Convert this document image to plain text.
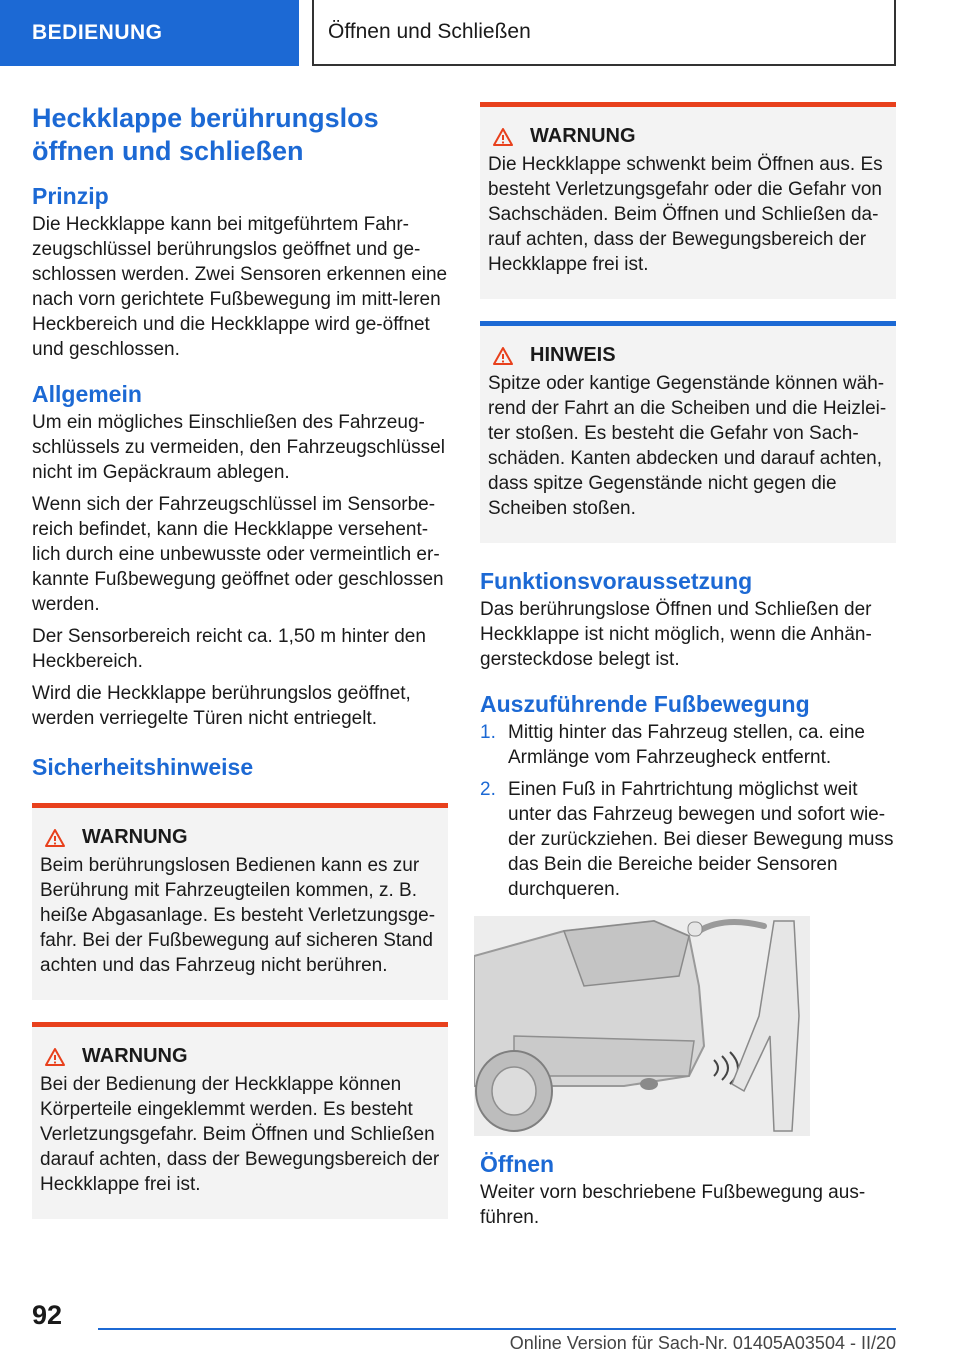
BEDIENUNG	Öffnen und Schließen
Heckklappe berührungslos öffnen und schließen
Prinzip

Die Heckklappe kann bei mitgeführtem Fahr-zeugschlüssel berührungslos geöffnet und ge-schlossen werden. Zwei Sensoren erkennen eine nach vorn gerichtete Fußbewegung im mitt-leren Heckbereich und die Heckklappe wird ge-öffnet und geschlossen.

Allgemein

Um ein mögliches Einschließen des Fahrzeug-schlüssels zu vermeiden, den Fahrzeugschlüssel nicht im Gepäckraum ablegen.

Wenn sich der Fahrzeugschlüssel im Sensorbe-reich befindet, kann die Heckklappe versehent-lich durch eine unbewusste oder vermeintlich er-kannte Fußbewegung geöffnet oder geschlossen werden.

Der Sensorbereich reicht ca. 1,50 m hinter den Heckbereich.

Wird die Heckklappe berührungslos geöffnet, werden verriegelte Türen nicht entriegelt.

Sicherheitshinweise
WARNUNG

Beim berührungslosen Bedienen kann es zur Berührung mit Fahrzeugteilen kommen, z. B. heiße Abgasanlage. Es besteht Verletzungsge-fahr. Bei der Fußbewegung auf sicheren Stand achten und das Fahrzeug nicht berühren.

WARNUNG

Bei der Bedienung der Heckklappe können Körperteile eingeklemmt werden. Es besteht Verletzungsgefahr. Beim Öffnen und Schließen darauf achten, dass der Bewegungsbereich der Heckklappe frei ist.

WARNUNG

Die Heckklappe schwenkt beim Öffnen aus. Es besteht Verletzungsgefahr oder die Gefahr von Sachschäden. Beim Öffnen und Schließen da-rauf achten, dass der Bewegungsbereich der Heckklappe frei ist.

HINWEIS

Spitze oder kantige Gegenstände können wäh-rend der Fahrt an die Scheiben und die Heizlei-ter stoßen. Es besteht die Gefahr von Sach-schäden. Kanten abdecken und darauf achten, dass spitze Gegenstände nicht gegen die Scheiben stoßen.

Funktionsvoraussetzung

Das berührungslose Öffnen und Schließen der Heckklappe ist nicht möglich, wenn die Anhän-gersteckdose belegt ist.

Auszuführende Fußbewegung
1. Mittig hinter das Fahrzeug stellen, ca. eine Armlänge vom Fahrzeugheck entfernt.
2. Einen Fuß in Fahrtrichtung möglichst weit unter das Fahrzeug bewegen und sofort wie-der zurückziehen. Bei dieser Bewegung muss das Bein die Bereiche beider Sensoren durchqueren.
Öffnen

Weiter vorn beschriebene Fußbewegung aus-führen.

92
Online Version für Sach-Nr. 01405A03504 - II/20
